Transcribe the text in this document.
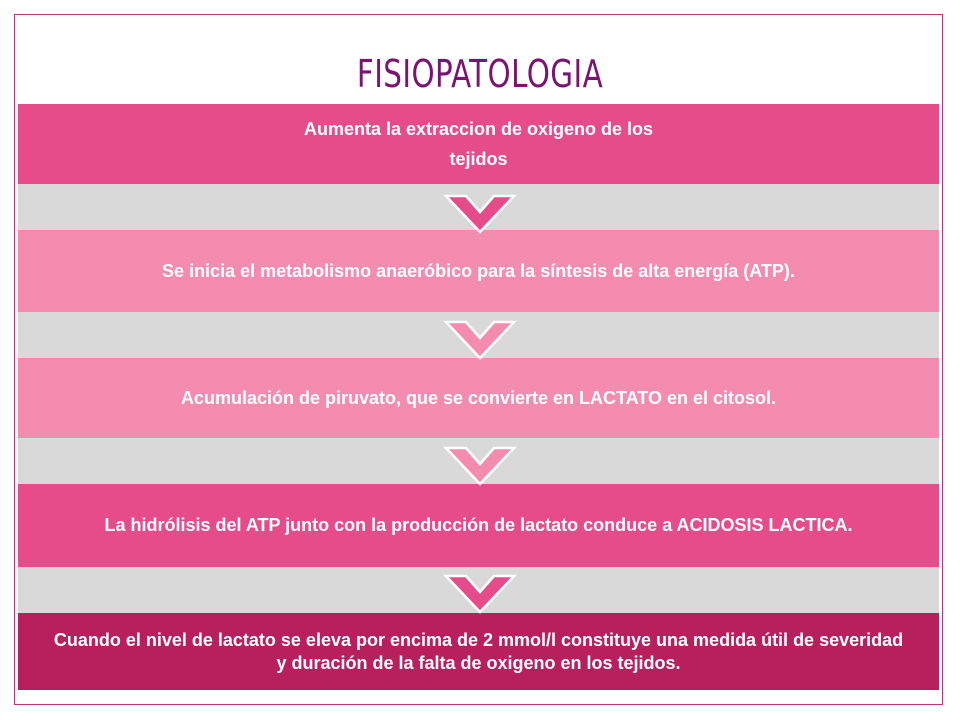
FISIOPATOLOGIA
Aumenta la extraccion de oxigeno de los
tejidos
Se inicia el metabolismo anaeróbico para la síntesis de alta energía (ATP).
Acumulación de piruvato, que se convierte en LACTATO en el citosol.
La hidrólisis del ATP junto con la producción de lactato conduce a ACIDOSIS LACTICA.
Cuando el nivel de lactato se eleva por encima de 2 mmol/l constituye una medida útil de severidad y duración de la falta de oxigeno en los tejidos.
